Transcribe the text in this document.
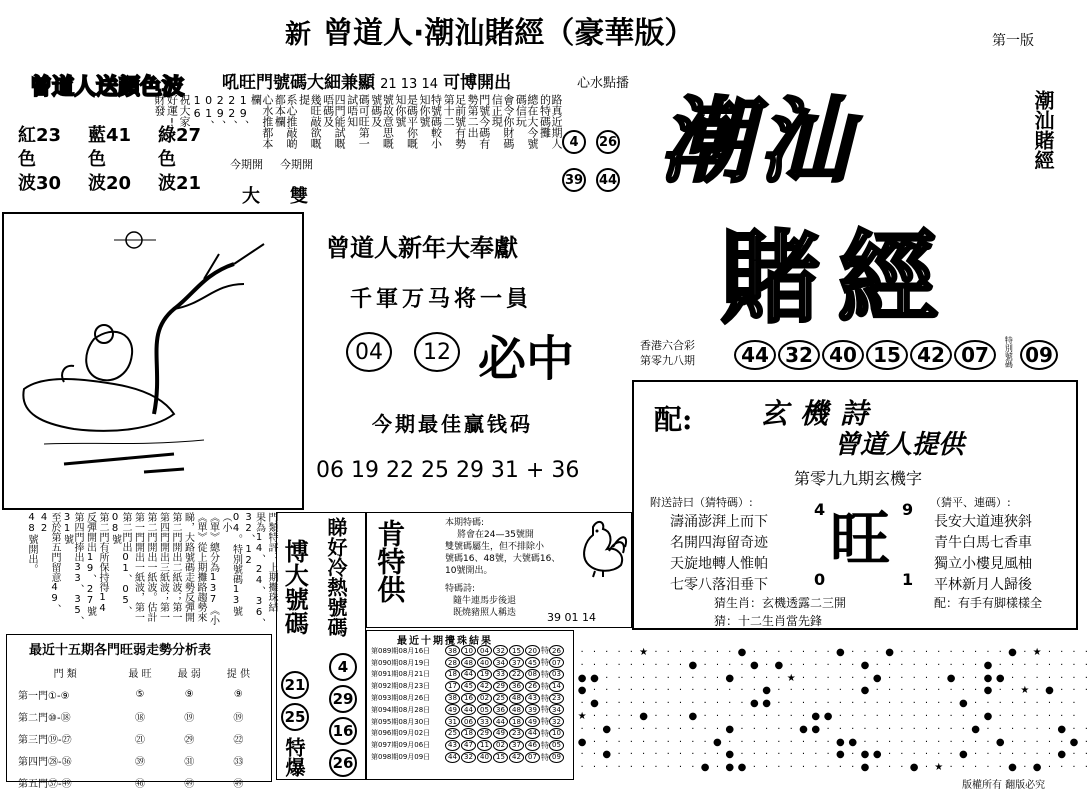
新 曾道人·潮汕賭經（豪華版）	第一版
曾道人送顏色波
紅23
色
波30
藍41
色
波20
綠27
色
波21
吼旺門號碼大細兼顯 21 13 14 可博開出	心水點播
路真近期人的特碼攤
總在大今號碼信玩
會令你財碼信正現
門號今碼有勢第二出
足前號有勢第十二
特號碼較小知你號
是碼平你嘅知你號
號故意思嘅號碼及
碼可旺第一試唔知
四門能試嘅唔碼及
幾旺敲欲嘅提
系心推敲啲都本欄
心水推都本欄
19、22、29、01、16
祝大家
好運!
財發
今期開 今期開
大 雙
4	26
39 44 潮汕
賭經
潮汕賭經
曾道人新年大奉獻
千軍万马将一員
04	12 必中
今期最佳贏钱码
06 19 22 25 29 31 + 36
香港六合彩
第零九八期	44 32 40 15 42 07	特別號碼 09
配: 玄機詩
曾道人提供
第零九九期玄機字
附送詩曰（猜特碼）:	（猜平、連碼）:
濤涌澎湃上而下
名開四海留奇迹
天旋地轉人惟帕
七零八落泪垂下
長安大道連狹斜
青牛白馬七香車
獨立小樓見風柚
平林新月人歸後
4	9
旺
0	1
猜生肖：玄機透露二三開
猜：十二生肖當先鋒
配：有手有脚樣樣全
門類特評：上期攤珠結
果為14、24、36、32、12
04。特別號碼13號（小
《單》總分為137《小
《單》從上期攤路趨勢來
睇，大路號碼走勢反彈開
第二門開出二紙波；第一
第四門開出三紙波；第一
第二門開出一紙波。估計
第一門開出一紙波，第一
第二門出01、05、08號
第二門有所保持得14
反彈開出19、27號
第四門捧出33、35、31號
至於第五門留意49、42
48號開出。	睇好冷熱號碼
博大號碼
21
25
特爆
4
29
16
26
肯特供	本期特碼:
將會在24—35號開
雙號碼屬生，但不排除小
號碼16、48號，大號碼16、
10號開出。
特碼詩:
隨牛連馬步後退
既燒豬照人稱迭	39 01 14
最近十五期各門旺弱走勢分析表
門 類	最 旺	最 弱	提 供
第一門①-⑨	⑤	⑨	⑨
第二門⑩-⑱	⑱	⑲	⑲
第三門⑲-㉗	㉑	㉙	㉒
第四門㉘-㊱	㊴	㉛	㉝
第五門㊲-㊾	㊻	㊾	㊾
最近十期攪珠結果
第089期08月16日	38	10	04	32	15	20 特 26
第090期08月19日	28	48	40	34	37	45 特 07
第091期08月21日	18	44	19	33	22	08 特 03
第092期08月23日	17	45	42	29	36	26 特 14
第093期08月26日	38	16	02	25	48	43 特 23
第094期08月28日	49	44	05	36	48	39 特 34
第095期08月30日	31	06	33	44	18	49 特 32
第096期09月02日	25	18	29	49	23	44 特 10
第097期09月06日	43	47	11	02	37	46 特 05
第098期09月09日	44	32	40	15	42	07 特 09
· · · · · ★ · · · · · · · ● · · · · · · · ● · · · ● · · · · · · · · · ● · ★ · · · ·
· · · · · · · · · ● · · · · ● · ● · · · · · · ● · · · · · · · · · ● · · · · · · · ·
● ● · · · · · · · · · · ● · · · · ★ · · · · · · ● · · · · · ● · · ● ● · · · · · · ·
● · · · · · · · · · · · · · · ● · · · · · · · ● · · · · · · · · · ● · · ★ · ● · · ·
· ● · · · · · · · · · · · · ● ● · · · · · · · · · · · · · · · ● · · · · · · · · ·
★ · · · · ● · · · ● · · · · · · · · · ● ● · · · · · · · · · · · · ● · · · · · · ·
· · ● · · · · · · · · · ● · · · · · ● ● · · · · · · · · · · · · ● · · · · · · ● · ·
● · · · · · · · · · · ● · · · · · · · · · ● ● · · · · · · · · · · · ● · · · · · ● ·
· · ● · · · · · · · · · ● · · · · · · · · ● · ● ● · · · · · · ● · · · · · · · ● · ·
· · · · · · · · · · ● · ● ● · · · · · · · · · ● · · · ● · ★ · · · · · ● · ● · · · ·
版權所有 翻版必究
